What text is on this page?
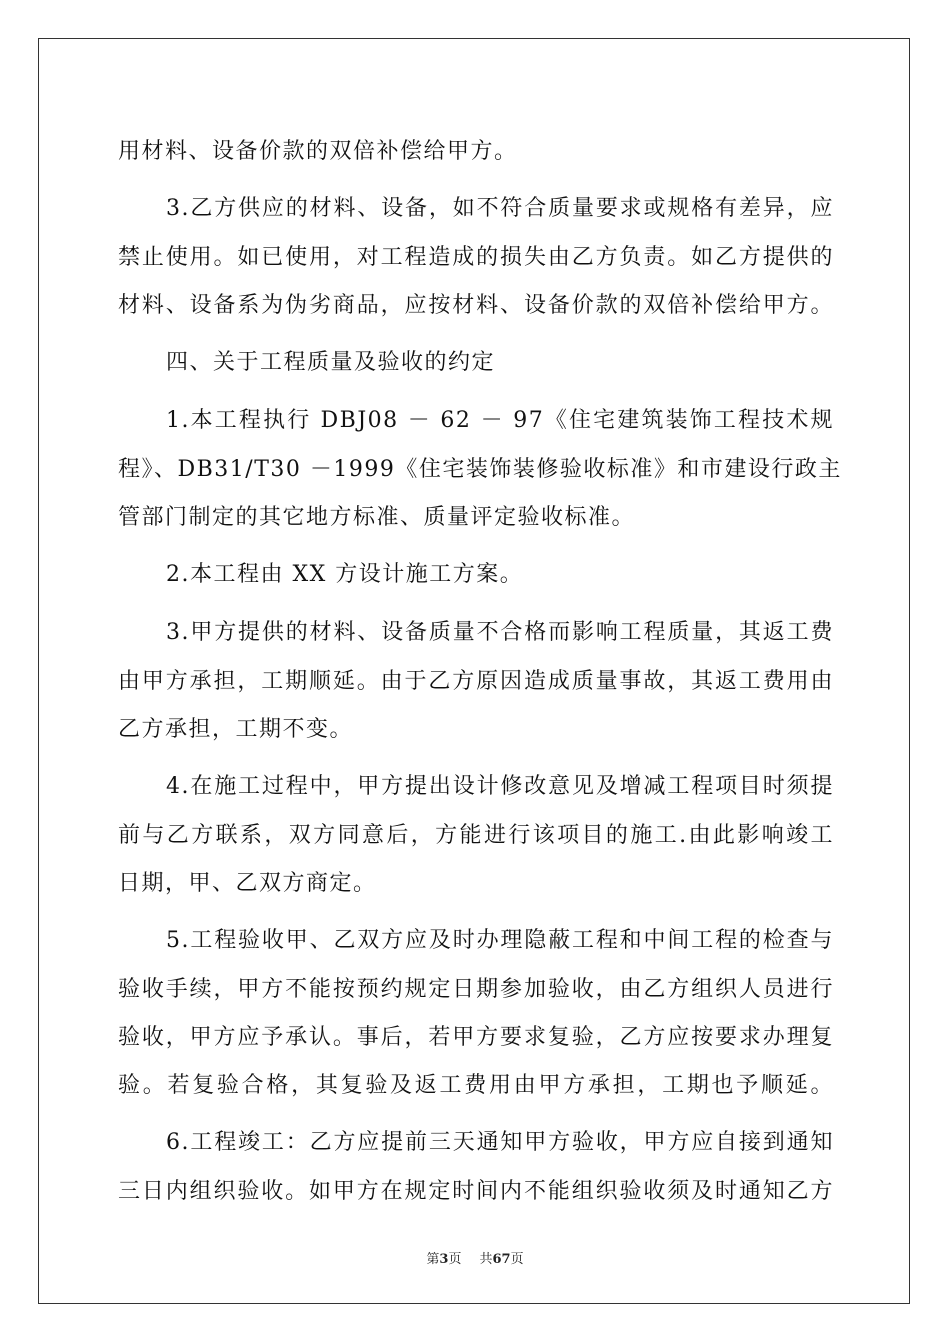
用材料、设备价款的双倍补偿给甲方。
3.乙方供应的材料、设备，如不符合质量要求或规格有差异，应
禁止使用。如已使用，对工程造成的损失由乙方负责。如乙方提供的
材料、设备系为伪劣商品，应按材料、设备价款的双倍补偿给甲方。
四、关于工程质量及验收的约定
1.本工程执行 DBJ08 － 62 － 97《住宅建筑装饰工程技术规
程》、DB31/T30 －1999《住宅装饰装修验收标准》和市建设行政主
管部门制定的其它地方标准、质量评定验收标准。
2.本工程由 XX 方设计施工方案。
3.甲方提供的材料、设备质量不合格而影响工程质量，其返工费
由甲方承担，工期顺延。由于乙方原因造成质量事故，其返工费用由
乙方承担，工期不变。
4.在施工过程中，甲方提出设计修改意见及增减工程项目时须提
前与乙方联系，双方同意后，方能进行该项目的施工.由此影响竣工
日期，甲、乙双方商定。
5.工程验收甲、乙双方应及时办理隐蔽工程和中间工程的检查与
验收手续，甲方不能按预约规定日期参加验收，由乙方组织人员进行
验收，甲方应予承认。事后，若甲方要求复验，乙方应按要求办理复
验。若复验合格，其复验及返工费用由甲方承担，工期也予顺延。
6.工程竣工：乙方应提前三天通知甲方验收，甲方应自接到通知
三日内组织验收。如甲方在规定时间内不能组织验收须及时通知乙方
第3页 共67页
